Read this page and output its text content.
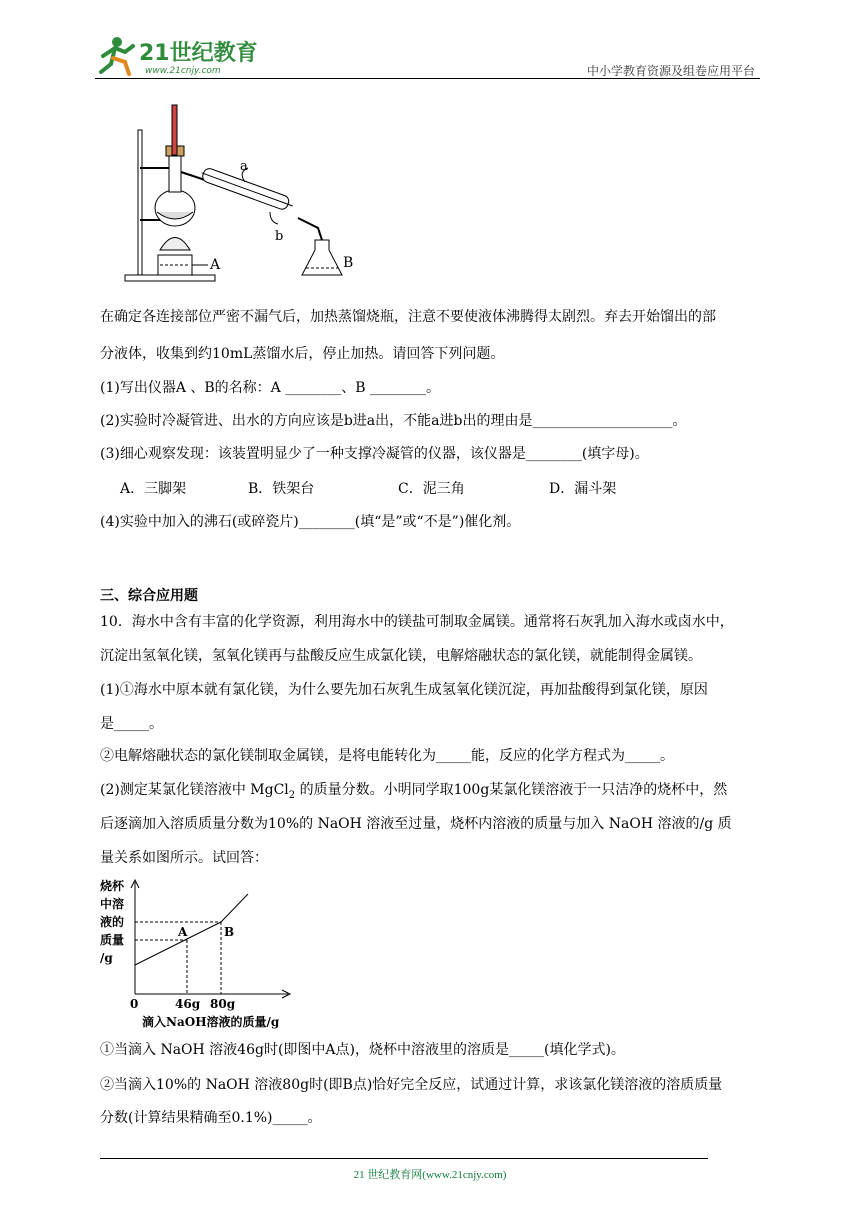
21世纪教育
www.21cnjy.com	中小学教育资源及组卷应用平台
a
b
B
A
在确定各连接部位严密不漏气后，加热蒸馏烧瓶，注意不要使液体沸腾得太剧烈。弃去开始馏出的部
分液体，收集到约10mL蒸馏水后，停止加热。请回答下列问题。
(1)写出仪器A 、B的名称：A ________、B ________。
(2)实验时冷凝管进、出水的方向应该是b进a出，不能a进b出的理由是____________________。
(3)细心观察发现：该装置明显少了一种支撑冷凝管的仪器，该仪器是________(填字母)。
A．三脚架	B．铁架台	C．泥三角	D．漏斗架
(4)实验中加入的沸石(或碎瓷片)________(填“是”或“不是”)催化剂。
三、综合应用题
10．海水中含有丰富的化学资源，利用海水中的镁盐可制取金属镁。通常将石灰乳加入海水或卤水中，
沉淀出氢氧化镁，氢氧化镁再与盐酸反应生成氯化镁，电解熔融状态的氯化镁，就能制得金属镁。
(1)①海水中原本就有氯化镁，为什么要先加石灰乳生成氢氧化镁沉淀，再加盐酸得到氯化镁，原因
是_____。
②电解熔融状态的氯化镁制取金属镁，是将电能转化为_____能，反应的化学方程式为_____。
(2)测定某氯化镁溶液中 MgCl$_2$ 的质量分数。小明同学取100g某氯化镁溶液于一只洁净的烧杯中，然
后逐滴加入溶质质量分数为10%的 NaOH 溶液至过量，烧杯内溶液的质量与加入 NaOH 溶液的/g 质
量关系如图所示。试回答：
烧杯
中溶
液的
质量
/g
A	B
0	46g 80g
滴入NaOH溶液的质量/g
①当滴入 NaOH 溶液46g时(即图中A点)，烧杯中溶液里的溶质是_____(填化学式)。
②当滴入10%的 NaOH 溶液80g时(即B点)恰好完全反应，试通过计算，求该氯化镁溶液的溶质质量
分数(计算结果精确至0.1%)_____。
21 世纪教育网(www.21cnjy.com)
